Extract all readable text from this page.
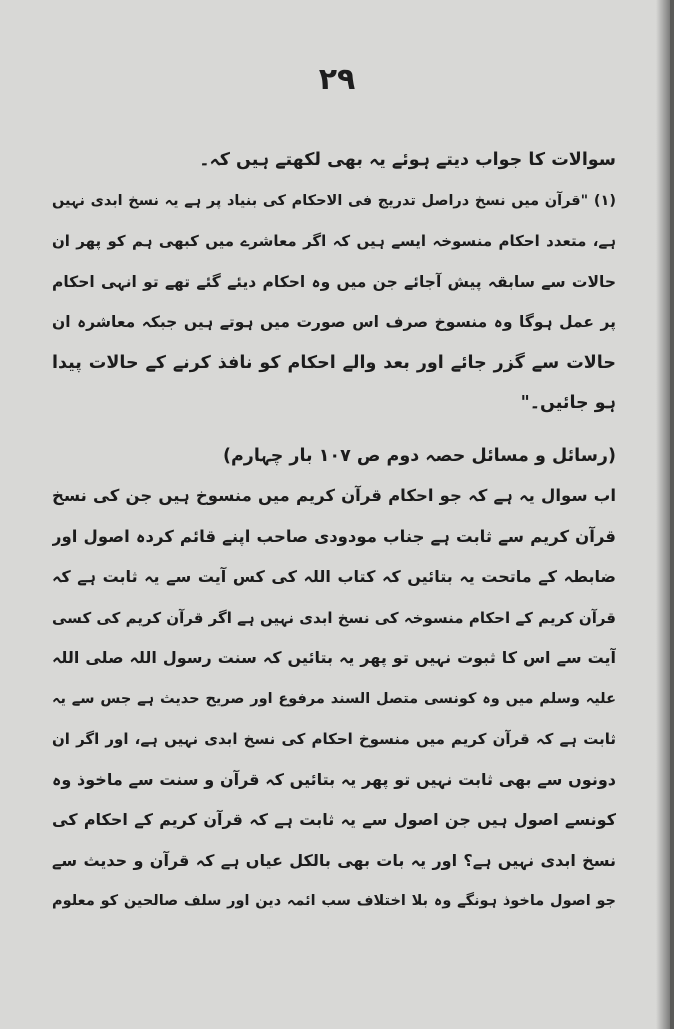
۲۹
سوالات کا جواب دیتے ہوئے یہ بھی لکھتے ہیں کہ۔
(۱) "قرآن میں نسخ دراصل تدریج فی الاحکام کی بنیاد پر ہے یہ نسخ ابدی نہیں
ہے، متعدد احکام منسوخہ ایسے ہیں کہ اگر معاشرے میں کبھی ہم کو پھر ان
حالات سے سابقہ پیش آجائے جن میں وہ احکام دیئے گئے تھے تو انہی احکام
پر عمل ہوگا وہ منسوخ صرف اس صورت میں ہوتے ہیں جبکہ معاشرہ ان
حالات سے گزر جائے اور بعد والے احکام کو نافذ کرنے کے حالات پیدا
ہو جائیں۔"
(رسائل و مسائل حصہ دوم ص ۱۰۷ بار چہارم)
اب سوال یہ ہے کہ جو احکام قرآن کریم میں منسوخ ہیں جن کی نسخ
قرآن کریم سے ثابت ہے جناب مودودی صاحب اپنے قائم کردہ اصول اور
ضابطہ کے ماتحت یہ بتائیں کہ کتاب اللہ کی کس آیت سے یہ ثابت ہے کہ
قرآن کریم کے احکام منسوخہ کی نسخ ابدی نہیں ہے اگر قرآن کریم کی کسی
آیت سے اس کا ثبوت نہیں تو پھر یہ بتائیں کہ سنت رسول اللہ صلی اللہ
علیہ وسلم میں وہ کونسی متصل السند مرفوع اور صریح حدیث ہے جس سے یہ
ثابت ہے کہ قرآن کریم میں منسوخ احکام کی نسخ ابدی نہیں ہے، اور اگر ان
دونوں سے بھی ثابت نہیں تو پھر یہ بتائیں کہ قرآن و سنت سے ماخوذ وہ
کونسے اصول ہیں جن اصول سے یہ ثابت ہے کہ قرآن کریم کے احکام کی
نسخ ابدی نہیں ہے؟ اور یہ بات بھی بالکل عیاں ہے کہ قرآن و حدیث سے
جو اصول ماخوذ ہونگے وہ بلا اختلاف سب ائمہ دین اور سلف صالحین کو معلوم
